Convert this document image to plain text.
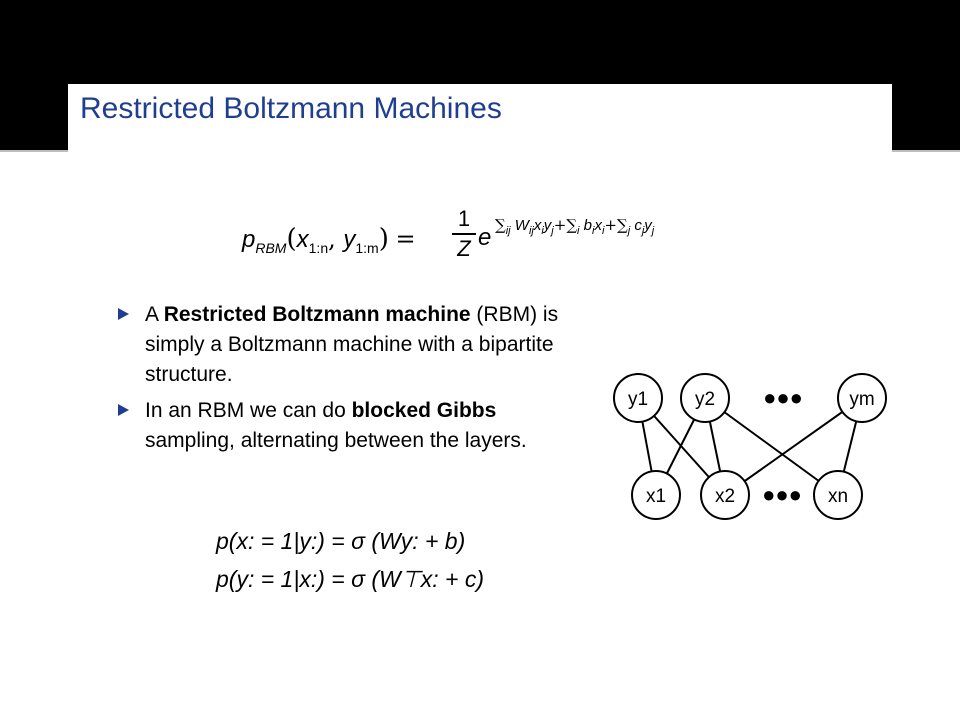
Restricted Boltzmann Machines
$p_{RBM}(x_{1:n}$, $y_{1:m}$) =
1
Z e $\sum_{ij}$ $W_{ij}x_iy_j+\sum_i$ $b_ix_i+\sum_j$ $c_jy_j$
A Restricted Boltzmann machine (RBM) is simply a Boltzmann machine with a bipartite structure.
In an RBM we can do blocked Gibbs sampling, alternating between the layers.
y1 y2	ym
x1	x2	xn
●●●
●●●
p(x: = 1|y:) = σ (Wy: + b)
p(y: = 1|x:) = σ (W⊤x: + c)
